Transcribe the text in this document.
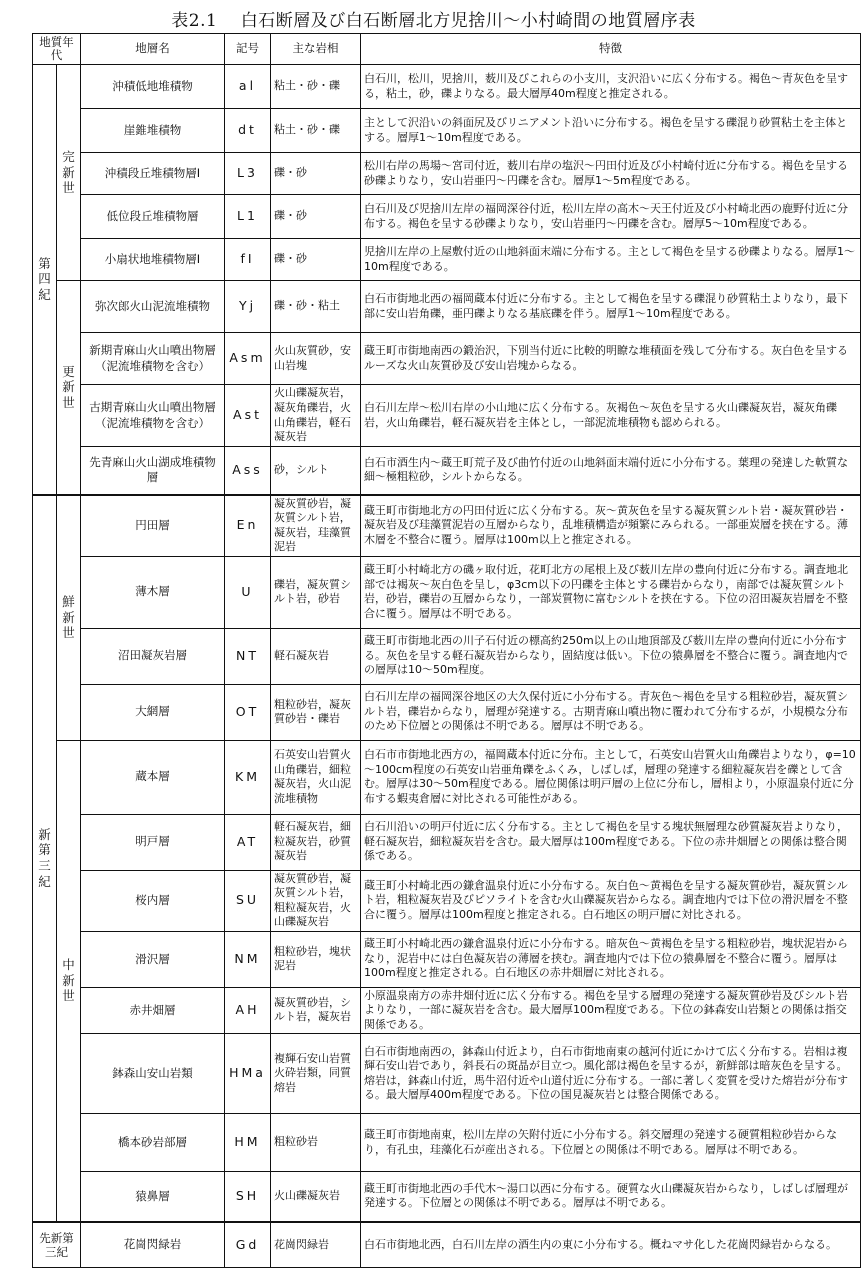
表2.1　 白石断層及び白石断層北方児捨川～小村崎間の地質層序表
地質年代		地層名	記号	主な岩相	特徴
第四紀	完新世	沖積低地堆積物	al	粘土・砂・礫	白石川，松川，児捨川，薮川及びこれらの小支川，支沢沿いに広く分布する。褐色～青灰色を呈する，粘土，砂，礫よりなる。最大層厚40m程度と推定される。
		崖錐堆積物	dt	粘土・砂・礫	主として沢沿いの斜面尻及びリニアメント沿いに分布する。褐色を呈する礫混り砂質粘土を主体とする。層厚1～10m程度である。
		沖積段丘堆積物層Ⅰ	L3	礫・砂	松川右岸の馬場～宮司付近，薮川右岸の塩沢～円田付近及び小村崎付近に分布する。褐色を呈する砂礫よりなり，安山岩亜円～円礫を含む。層厚1～5m程度である。
		低位段丘堆積物層	L1	礫・砂	白石川及び児捨川左岸の福岡深谷付近，松川左岸の高木～天王付近及び小村崎北西の鹿野付近に分布する。褐色を呈する砂礫よりなり，安山岩亜円～円礫を含む。層厚5～10m程度である。
		小扇状地堆積物層Ⅰ	fⅠ	礫・砂	児捨川左岸の上屋敷付近の山地斜面末端に分布する。主として褐色を呈する砂礫よりなる。層厚1～10m程度である。
	更新世	弥次郎火山泥流堆積物	Yj	礫・砂・粘土	白石市街地北西の福岡蔵本付近に分布する。主として褐色を呈する礫混り砂質粘土よりなり，最下部に安山岩角礫，亜円礫よりなる基底礫を伴う。層厚1～10m程度である。
		新期青麻山火山噴出物層（泥流堆積物を含む）	Asm	火山灰質砂，安山岩塊	蔵王町市街地南西の鍛治沢，下別当付近に比較的明瞭な堆積面を残して分布する。灰白色を呈するルーズな火山灰質砂及び安山岩塊からなる。
		古期青麻山火山噴出物層（泥流堆積物を含む）	Ast	火山礫凝灰岩，凝灰角礫岩，火山角礫岩，軽石凝灰岩	白石川左岸～松川右岸の小山地に広く分布する。灰褐色～灰色を呈する火山礫凝灰岩，凝灰角礫岩，火山角礫岩，軽石凝灰岩を主体とし，一部泥流堆積物も認められる。
		先青麻山火山湖成堆積物層	Ass	砂，シルト	白石市酒生内～蔵王町荒子及び曲竹付近の山地斜面末端付近に小分布する。葉理の発達した軟質な細～極粗粒砂，シルトからなる。
新第三紀	鮮新世	円田層	En	凝灰質砂岩，凝灰質シルト岩，凝灰岩，珪藻質泥岩	蔵王町市街地北方の円田付近に広く分布する。灰～黄灰色を呈する凝灰質シルト岩・凝灰質砂岩・凝灰岩及び珪藻質泥岩の互層からなり，乱堆積構造が頻繁にみられる。一部亜炭層を挟在する。薄木層を不整合に覆う。層厚は100m以上と推定される。
		薄木層	U	礫岩，凝灰質シルト岩，砂岩	蔵王町小村崎北方の磯ヶ取付近，花町北方の尾根上及び薮川左岸の豊向付近に分布する。調査地北部では褐灰～灰白色を呈し，φ3cm以下の円礫を主体とする礫岩からなり，南部では凝灰質シルト岩，砂岩，礫岩の互層からなり，一部炭質物に富むシルトを挟在する。下位の沼田凝灰岩層を不整合に覆う。層厚は不明である。
		沼田凝灰岩層	NT	軽石凝灰岩	蔵王町市街地北西の川子石付近の標高約250m以上の山地頂部及び薮川左岸の豊向付近に小分布する。灰色を呈する軽石凝灰岩からなり，固結度は低い。下位の猿鼻層を不整合に覆う。調査地内での層厚は10～50m程度。
		大網層	OT	粗粒砂岩，凝灰質砂岩・礫岩	白石川左岸の福岡深谷地区の大久保付近に小分布する。青灰色～褐色を呈する粗粒砂岩，凝灰質シルト岩，礫岩からなり，層理が発達する。古期青麻山噴出物に覆われて分布するが，小規模な分布のため下位層との関係は不明である。層厚は不明である。
	中新世	蔵本層	KM	石英安山岩質火山角礫岩，細粒凝灰岩，火山泥流堆積物	白石市市街地北西方の，福岡蔵本付近に分布。主として，石英安山岩質火山角礫岩よりなり，φ=10～100cm程度の石英安山岩亜角礫をふくみ，しばしば，層理の発達する細粒凝灰岩を礫として含む。層厚は30～50m程度である。層位関係は明戸層の上位に分布し，層相より，小原温泉付近に分布する蝦夷倉層に対比される可能性がある。
		明戸層	AT	軽石凝灰岩，細粒凝灰岩，砂質凝灰岩	白石川沿いの明戸付近に広く分布する。主として褐色を呈する塊状無層理な砂質凝灰岩よりなり，軽石凝灰岩，細粒凝灰岩を含む。最大層厚は100m程度である。下位の赤井畑層との関係は整合関係である。
		桜内層	SU	凝灰質砂岩，凝灰質シルト岩，粗粒凝灰岩，火山礫凝灰岩	蔵王町小村崎北西の鎌倉温泉付近に小分布する。灰白色～黄褐色を呈する凝灰質砂岩，凝灰質シルト岩，粗粒凝灰岩及びピソライトを含む火山礫凝灰岩からなる。調査地内では下位の滑沢層を不整合に覆う。層厚は100m程度と推定される。白石地区の明戸層に対比される。
		滑沢層	NM	粗粒砂岩，塊状泥岩	蔵王町小村崎北西の鎌倉温泉付近に小分布する。暗灰色～黄褐色を呈する粗粒砂岩，塊状泥岩からなり，泥岩中には白色凝灰岩の薄層を挟む。調査地内では下位の猿鼻層を不整合に覆う。層厚は100m程度と推定される。白石地区の赤井畑層に対比される。
		赤井畑層	AH	凝灰質砂岩，シルト岩，凝灰岩	小原温泉南方の赤井畑付近に広く分布する。褐色を呈する層理の発達する凝灰質砂岩及びシルト岩よりなり，一部に凝灰岩を含む。最大層厚100m程度である。下位の鉢森安山岩類との関係は指交関係である。
		鉢森山安山岩類	HMa	複輝石安山岩質火砕岩類，同質熔岩	白石市街地南西の，鉢森山付近より，白石市街地南東の越河付近にかけて広く分布する。岩相は複輝石安山岩であり，斜長石の斑晶が目立つ。風化部は褐色を呈するが，新鮮部は暗灰色を呈する。熔岩は，鉢森山付近，馬牛沼付近や山道付近に分布する。一部に著しく変質を受けた熔岩が分布する。最大層厚400m程度である。下位の国見凝灰岩とは整合関係である。
		橋本砂岩部層	HM	粗粒砂岩	蔵王町市街地南東，松川左岸の矢附付近に小分布する。斜交層理の発達する硬質粗粒砂岩からなり，有孔虫，珪藻化石が産出される。下位層との関係は不明である。層厚は不明である。
		猿鼻層	SH	火山礫凝灰岩	蔵王町市街地北西の手代木～湯口以西に分布する。硬質な火山礫凝灰岩からなり，しばしば層理が発達する。下位層との関係は不明である。層厚は不明である。
先新第三紀		花崗閃緑岩	Gd	花崗閃緑岩	白石市街地北西，白石川左岸の酒生内の東に小分布する。概ねマサ化した花崗閃緑岩からなる。
